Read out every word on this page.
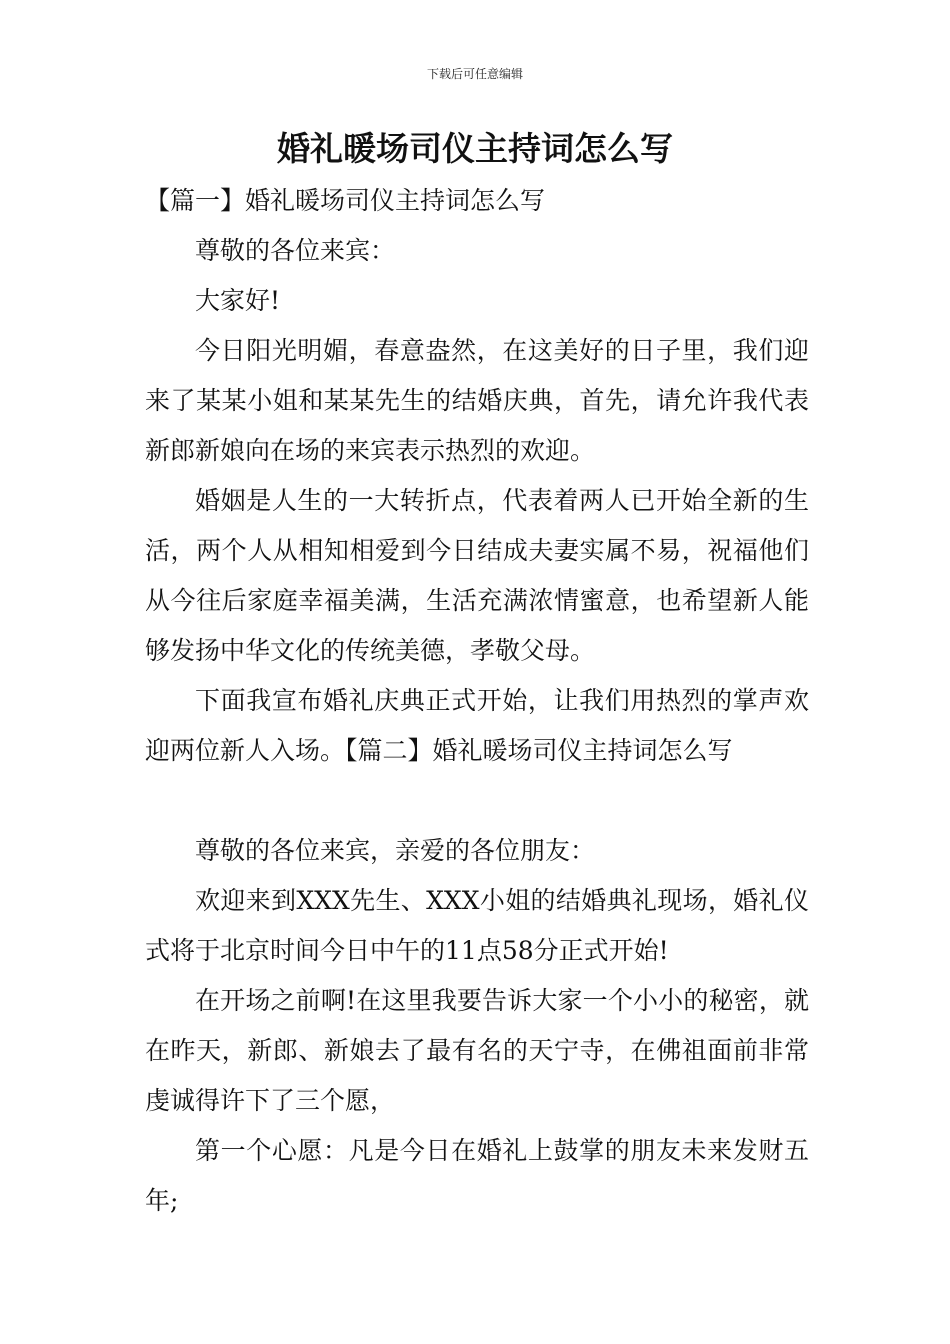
下载后可任意编辑
婚礼暖场司仪主持词怎么写

【篇一】婚礼暖场司仪主持词怎么写

尊敬的各位来宾：

大家好!

今日阳光明媚，春意盎然，在这美好的日子里，我们迎来了某某小姐和某某先生的结婚庆典，首先，请允许我代表新郎新娘向在场的来宾表示热烈的欢迎。

婚姻是人生的一大转折点，代表着两人已开始全新的生活，两个人从相知相爱到今日结成夫妻实属不易，祝福他们从今往后家庭幸福美满，生活充满浓情蜜意，也希望新人能够发扬中华文化的传统美德，孝敬父母。

下面我宣布婚礼庆典正式开始，让我们用热烈的掌声欢迎两位新人入场。【篇二】婚礼暖场司仪主持词怎么写

尊敬的各位来宾，亲爱的各位朋友：

欢迎来到XXX先生、XXX小姐的结婚典礼现场，婚礼仪式将于北京时间今日中午的11点58分正式开始!

在开场之前啊!在这里我要告诉大家一个小小的秘密，就在昨天，新郎、新娘去了最有名的天宁寺，在佛祖面前非常虔诚得许下了三个愿，

第一个心愿：凡是今日在婚礼上鼓掌的朋友未来发财五年;
